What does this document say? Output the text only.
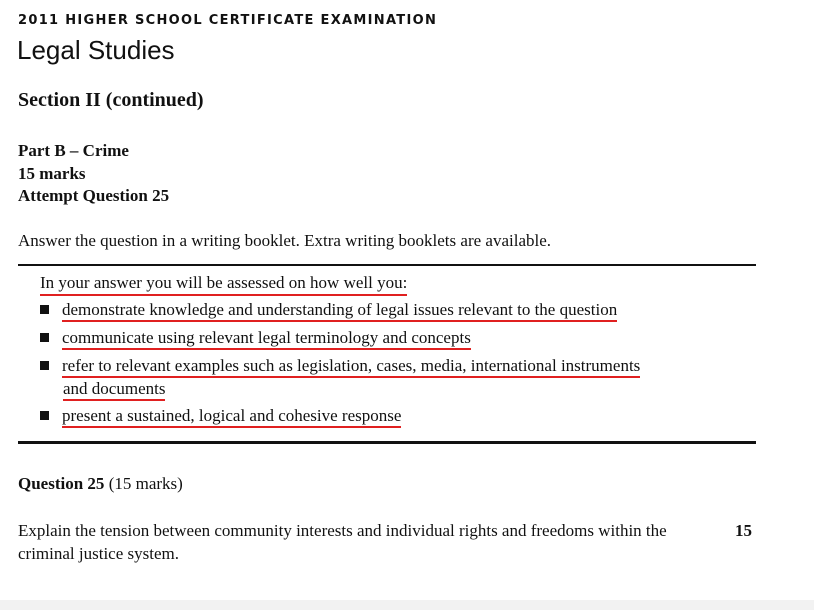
2011 HIGHER SCHOOL CERTIFICATE EXAMINATION
Legal Studies
Section II (continued)
Part B – Crime
15 marks
Attempt Question 25
Answer the question in a writing booklet. Extra writing booklets are available.
In your answer you will be assessed on how well you:
demonstrate knowledge and understanding of legal issues relevant to the question
communicate using relevant legal terminology and concepts
refer to relevant examples such as legislation, cases, media, international instruments
and documents
present a sustained, logical and cohesive response
Question 25 (15 marks)
Explain the tension between community interests and individual rights and freedoms within the criminal justice system.
15
